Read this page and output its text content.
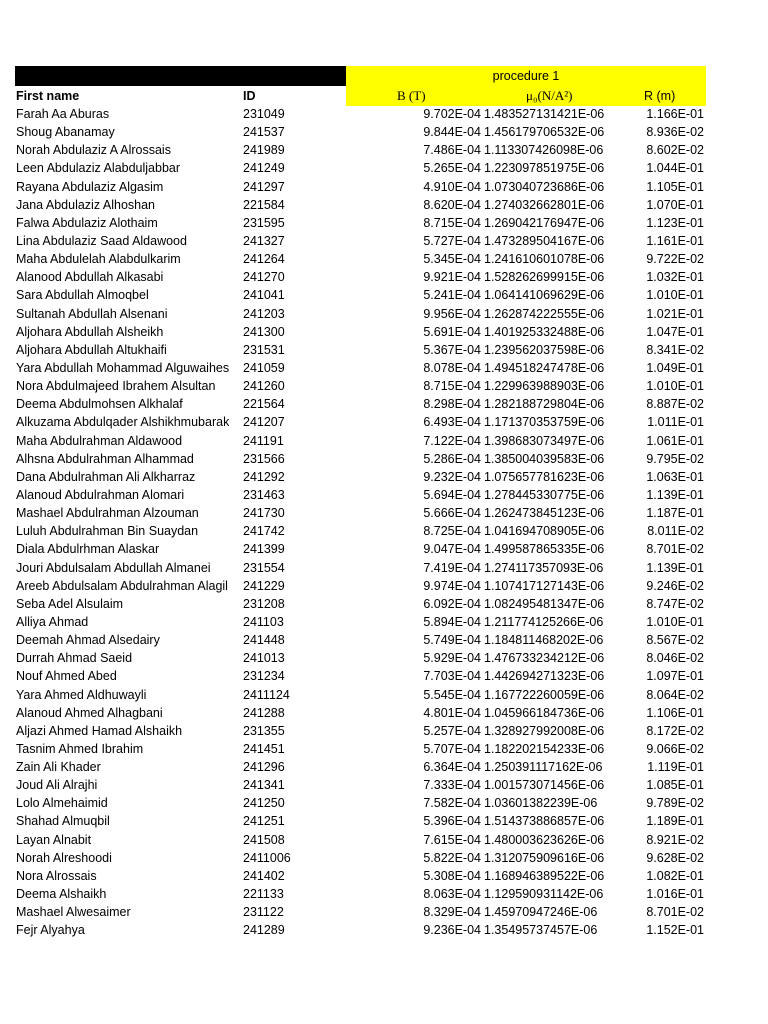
procedure 1
First name	ID	B (T)	μ₀(N/A²)	R (m)
Farah Aa Aburas	231049	9.702E-04 1.483527131421E-06	1.166E-01
Shoug Abanamay	241537	9.844E-04 1.456179706532E-06	8.936E-02
Norah Abdulaziz A Alrossais	241989	7.486E-04 1.113307426098E-06	8.602E-02
Leen Abdulaziz Alabduljabbar	241249	5.265E-04 1.223097851975E-06	1.044E-01
Rayana Abdulaziz Algasim	241297	4.910E-04 1.073040723686E-06	1.105E-01
Jana Abdulaziz Alhoshan	221584	8.620E-04 1.274032662801E-06	1.070E-01
Falwa Abdulaziz Alothaim	231595	8.715E-04 1.269042176947E-06	1.123E-01
Lina Abdulaziz Saad Aldawood	241327	5.727E-04 1.473289504167E-06	1.161E-01
Maha Abdulelah Alabdulkarim	241264	5.345E-04 1.241610601078E-06	9.722E-02
Alanood Abdullah Alkasabi	241270	9.921E-04 1.528262699915E-06	1.032E-01
Sara Abdullah Almoqbel	241041	5.241E-04 1.064141069629E-06	1.010E-01
Sultanah Abdullah Alsenani	241203	9.956E-04 1.262874222555E-06	1.021E-01
Aljohara Abdullah Alsheikh	241300	5.691E-04 1.401925332488E-06	1.047E-01
Aljohara Abdullah Altukhaifi	231531	5.367E-04 1.239562037598E-06	8.341E-02
Yara Abdullah Mohammad Alguwaihes 241059	8.078E-04 1.494518247478E-06	1.049E-01
Nora Abdulmajeed Ibrahem Alsultan 241260	8.715E-04 1.229963988903E-06	1.010E-01
Deema Abdulmohsen Alkhalaf	221564	8.298E-04 1.282188729804E-06	8.887E-02
Alkuzama Abdulqader Alshikhmubarak 241207	6.493E-04 1.171370353759E-06	1.011E-01
Maha Abdulrahman Aldawood	241191	7.122E-04 1.398683073497E-06	1.061E-01
Alhsna Abdulrahman Alhammad	231566	5.286E-04 1.385004039583E-06	9.795E-02
Dana Abdulrahman Ali Alkharraz	241292	9.232E-04 1.075657781623E-06	1.063E-01
Alanoud Abdulrahman Alomari	231463	5.694E-04 1.278445330775E-06	1.139E-01
Mashael Abdulrahman Alzouman	241730	5.666E-04 1.262473845123E-06	1.187E-01
Luluh Abdulrahman Bin Suaydan	241742	8.725E-04 1.041694708905E-06	8.011E-02
Diala Abdulrhman Alaskar	241399	9.047E-04 1.499587865335E-06	8.701E-02
Jouri Abdulsalam Abdullah Almanei	231554	7.419E-04 1.274117357093E-06	1.139E-01
Areeb Abdulsalam Abdulrahman Alagil 241229	9.974E-04 1.107417127143E-06	9.246E-02
Seba Adel Alsulaim	231208	6.092E-04 1.082495481347E-06	8.747E-02
Alliya Ahmad	241103	5.894E-04 1.211774125266E-06	1.010E-01
Deemah Ahmad Alsedairy	241448	5.749E-04 1.184811468202E-06	8.567E-02
Durrah Ahmad Saeid	241013	5.929E-04 1.476733234212E-06	8.046E-02
Nouf Ahmed Abed	231234	7.703E-04 1.442694271323E-06	1.097E-01
Yara Ahmed Aldhuwayli	2411124	5.545E-04 1.167722260059E-06	8.064E-02
Alanoud Ahmed Alhagbani	241288	4.801E-04 1.045966184736E-06	1.106E-01
Aljazi Ahmed Hamad Alshaikh	231355	5.257E-04 1.328927992008E-06	8.172E-02
Tasnim Ahmed Ibrahim	241451	5.707E-04 1.182202154233E-06	9.066E-02
Zain Ali Khader	241296	6.364E-04 1.250391117162E-06	1.119E-01
Joud Ali Alrajhi	241341	7.333E-04 1.001573071456E-06	1.085E-01
Lolo Almehaimid	241250	7.582E-04 1.03601382239E-06	9.789E-02
Shahad Almuqbil	241251	5.396E-04 1.514373886857E-06	1.189E-01
Layan Alnabit	241508	7.615E-04 1.480003623626E-06	8.921E-02
Norah Alreshoodi	2411006	5.822E-04 1.312075909616E-06	9.628E-02
Nora Alrossais	241402	5.308E-04 1.168946389522E-06	1.082E-01
Deema Alshaikh	221133	8.063E-04 1.129590931142E-06	1.016E-01
Mashael Alwesaimer	231122	8.329E-04 1.45970947246E-06	8.701E-02
Fejr Alyahya	241289	9.236E-04 1.35495737457E-06	1.152E-01
